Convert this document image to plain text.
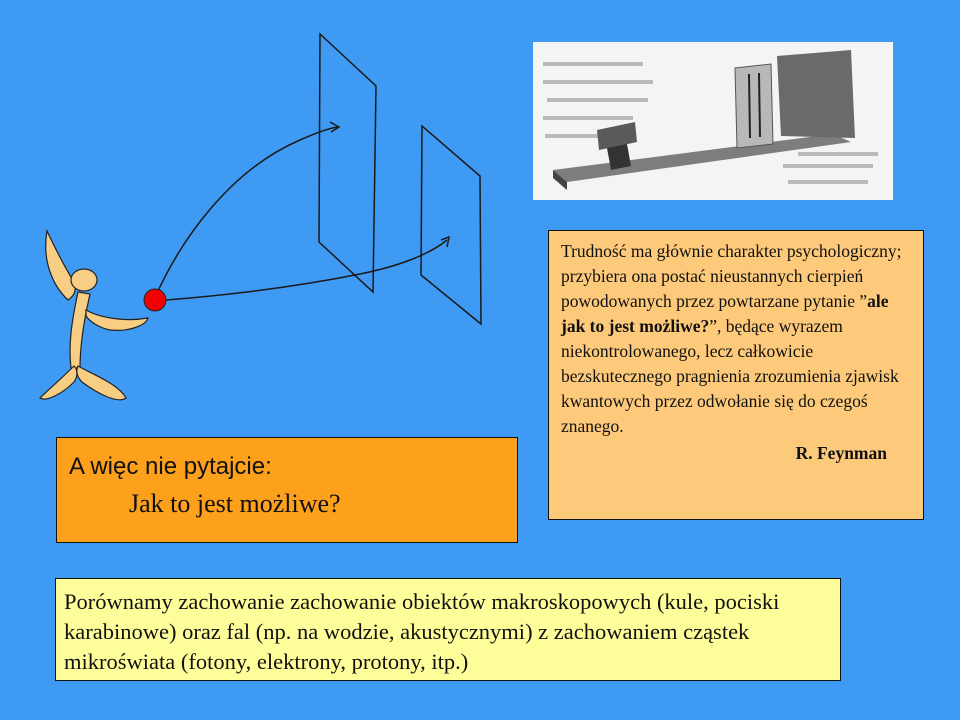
Trudność ma głównie charakter psychologiczny; przybiera ona postać nieustannych cierpień powodowanych przez powtarzane pytanie ”ale jak to jest możliwe?”, będące wyrazem niekontrolowanego, lecz całkowicie bezskutecznego pragnienia zrozumienia zjawisk kwantowych przez odwołanie się do czegoś znanego.
R. Feynman
A więc nie pytajcie:
Jak to jest możliwe?
Porównamy zachowanie zachowanie obiektów makroskopowych (kule, pociski karabinowe) oraz fal (np. na wodzie, akustycznymi) z zachowaniem cząstek mikroświata (fotony, elektrony, protony, itp.)
